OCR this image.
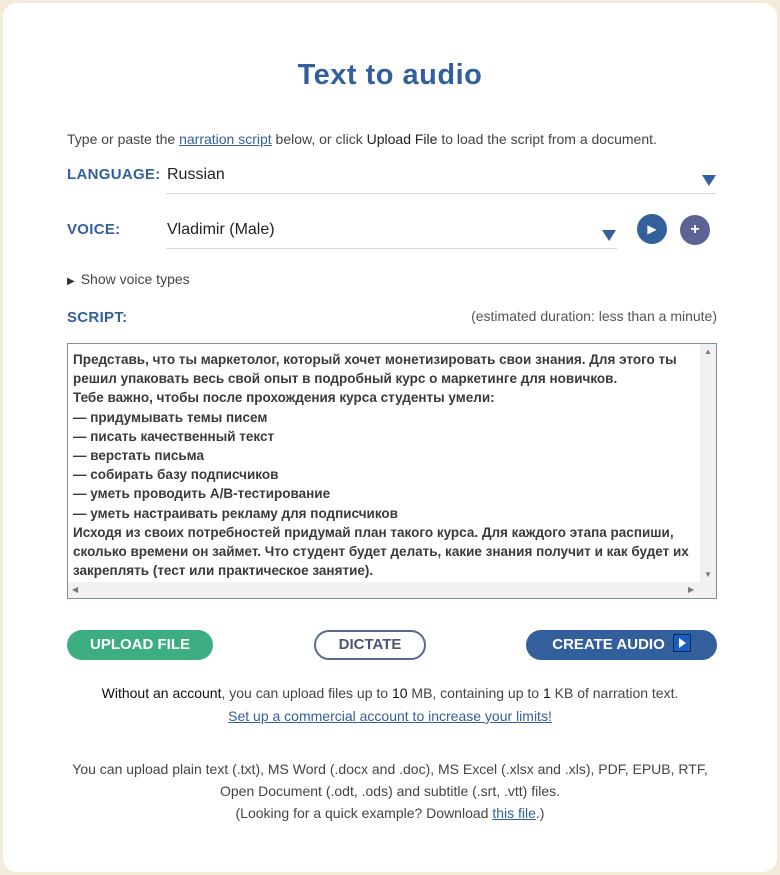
Text to audio
Type or paste the narration script below, or click Upload File to load the script from a document.
LANGUAGE: Russian
VOICE:	Vladimir (Male)	▶	+
▶ Show voice types
SCRIPT:	(estimated duration: less than a minute)
Представь, что ты маркетолог, который хочет монетизировать свои знания. Для этого ты решил упаковать весь свой опыт в подробный курс о маркетинге для новичков.
Тебе важно, чтобы после прохождения курса студенты умели:
— придумывать темы писем
— писать качественный текст
— верстать письма
— собирать базу подписчиков
— уметь проводить A/B-тестирование
— уметь настраивать рекламу для подписчиков
Исходя из своих потребностей придумай план такого курса. Для каждого этапа распиши, сколько времени он займет. Что студент будет делать, какие знания получит и как будет их закреплять (тест или практическое занятие).
▲
▼
◀	▶
UPLOAD FILE	DICTATE	CREATE AUDIO
Without an account, you can upload files up to 10 MB, containing up to 1 KB of narration text.
Set up a commercial account to increase your limits!
You can upload plain text (.txt), MS Word (.docx and .doc), MS Excel (.xlsx and .xls), PDF, EPUB, RTF,
Open Document (.odt, .ods) and subtitle (.srt, .vtt) files.
(Looking for a quick example? Download this file.)
